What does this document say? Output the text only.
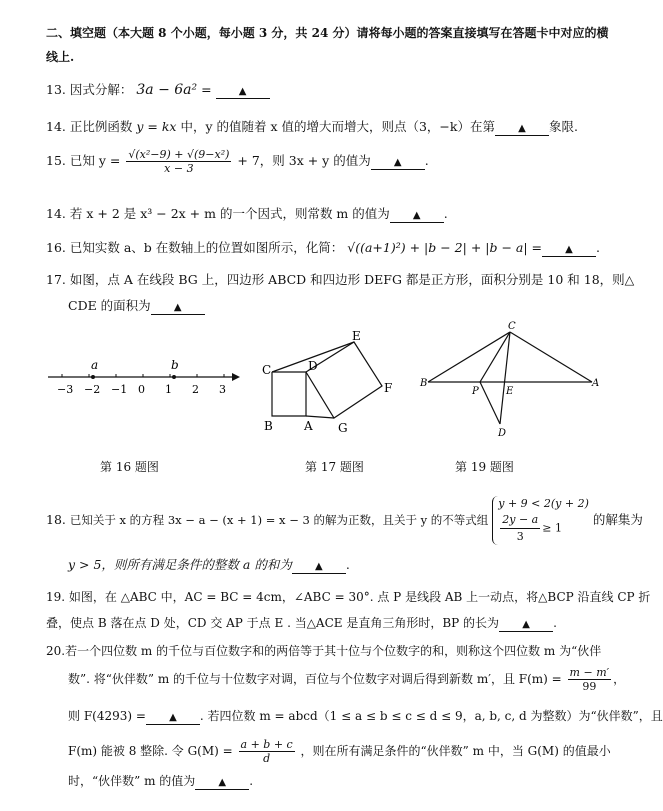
二、填空题（本大题 8 个小题，每小题 3 分，共 24 分）请将每小题的答案直接填写在答题卡中对应的横
线上.
13. 因式分解： 3a − 6a² = ▲
14. 正比例函数 y = kx 中，y 的值随着 x 值的增大而增大，则点（3，−k）在第 ▲ 象限.
15. 已知 $y = \frac{\text{√(x²−9) + √(9−x²)}}{x - 3} + 7$，则 3x + y 的值为 ▲ .
14. 若 x + 2 是 x³ − 2x + m 的一个因式，则常数 m 的值为 ▲ .
16. 已知实数 a、b 在数轴上的位置如图所示，化简： √((a+1)²) + |b − 2| + |b − a| = ▲ .
17. 如图，点 A 在线段 BG 上，四边形 ABCD 和四边形 DEFG 都是正方形，面积分别是 10 和 18，则△
CDE 的面积为 ▲
−3 −2 −1 0 1 2 3
a	b	C	D
E
F
B	A G
C
B
P	E
A
D
第 16 题图	第 17 题图	第 19 题图
18. 已知关于 x 的方程 3x − a − (x + 1) = x − 3 的解为正数，且关于 y 的不等式组
y + 9 < 2(y + 2)
$\frac{2y - a}{3} \ge 1$
的解集为
y > 5，则所有满足条件的整数 a 的和为 ▲ .
19. 如图，在 △ABC 中，AC = BC = 4cm，∠ABC = 30°. 点 P 是线段 AB 上一动点，将△BCP 沿直线 CP 折
叠，使点 B 落在点 D 处，CD 交 AP 于点 E . 当△ACE 是直角三角形时，BP 的长为 ▲ .
20.若一个四位数 m 的千位与百位数字和的两倍等于其十位与个位数字的和，则称这个四位数 m 为“伙伴
数”. 将“伙伴数” m 的千位与十位数字对调，百位与个位数字对调后得到新数 m′，且 $F(m) = \frac{m - m'}{99}$ ，
则 F(4293) = ▲ . 若四位数 m = abcd（1 ≤ a ≤ b ≤ c ≤ d ≤ 9，a, b, c, d 为整数）为“伙伴数”，且
F(m) 能被 8 整除. 令 $G(M) = \frac{a + b + c}{d}$ ，则在所有满足条件的“伙伴数” m 中，当 G(M) 的值最小
时，“伙伴数” m 的值为 ▲ .
